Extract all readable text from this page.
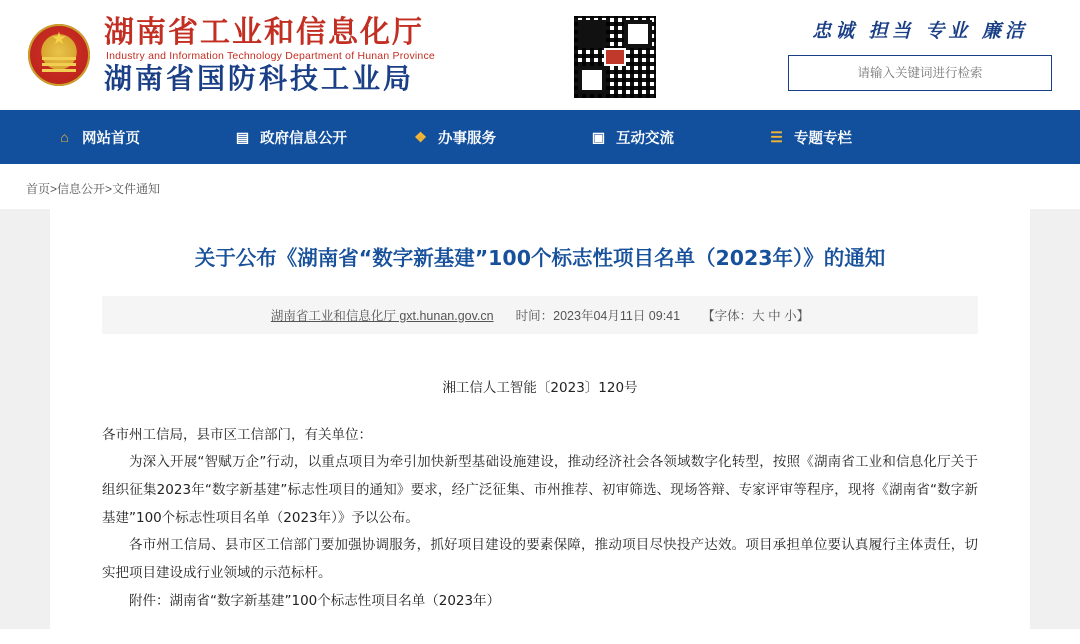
★
湖南省工业和信息化厅
Industry and Information Technology Department of Hunan Province
湖南省国防科技工业局
忠诚 担当 专业 廉洁
请输入关键词进行检索
⌂ 网站首页	▤ 政府信息公开	❖ 办事服务	▣ 互动交流	☰ 专题专栏
首页>信息公开>文件通知
关于公布《湖南省“数字新基建”100个标志性项目名单（2023年）》的通知
湖南省工业和信息化厅 gxt.hunan.gov.cn 时间：2023年04月11日 09:41 【字体：大 中 小】
湘工信人工智能〔2023〕120号

各市州工信局，县市区工信部门，有关单位：

为深入开展“智赋万企”行动，以重点项目为牵引加快新型基础设施建设，推动经济社会各领域数字化转型，按照《湖南省工业和信息化厅关于组织征集2023年“数字新基建”标志性项目的通知》要求，经广泛征集、市州推荐、初审筛选、现场答辩、专家评审等程序，现将《湖南省“数字新基建”100个标志性项目名单（2023年）》予以公布。

各市州工信局、县市区工信部门要加强协调服务，抓好项目建设的要素保障，推动项目尽快投产达效。项目承担单位要认真履行主体责任，切实把项目建设成行业领域的示范标杆。

附件：湖南省“数字新基建”100个标志性项目名单（2023年）
